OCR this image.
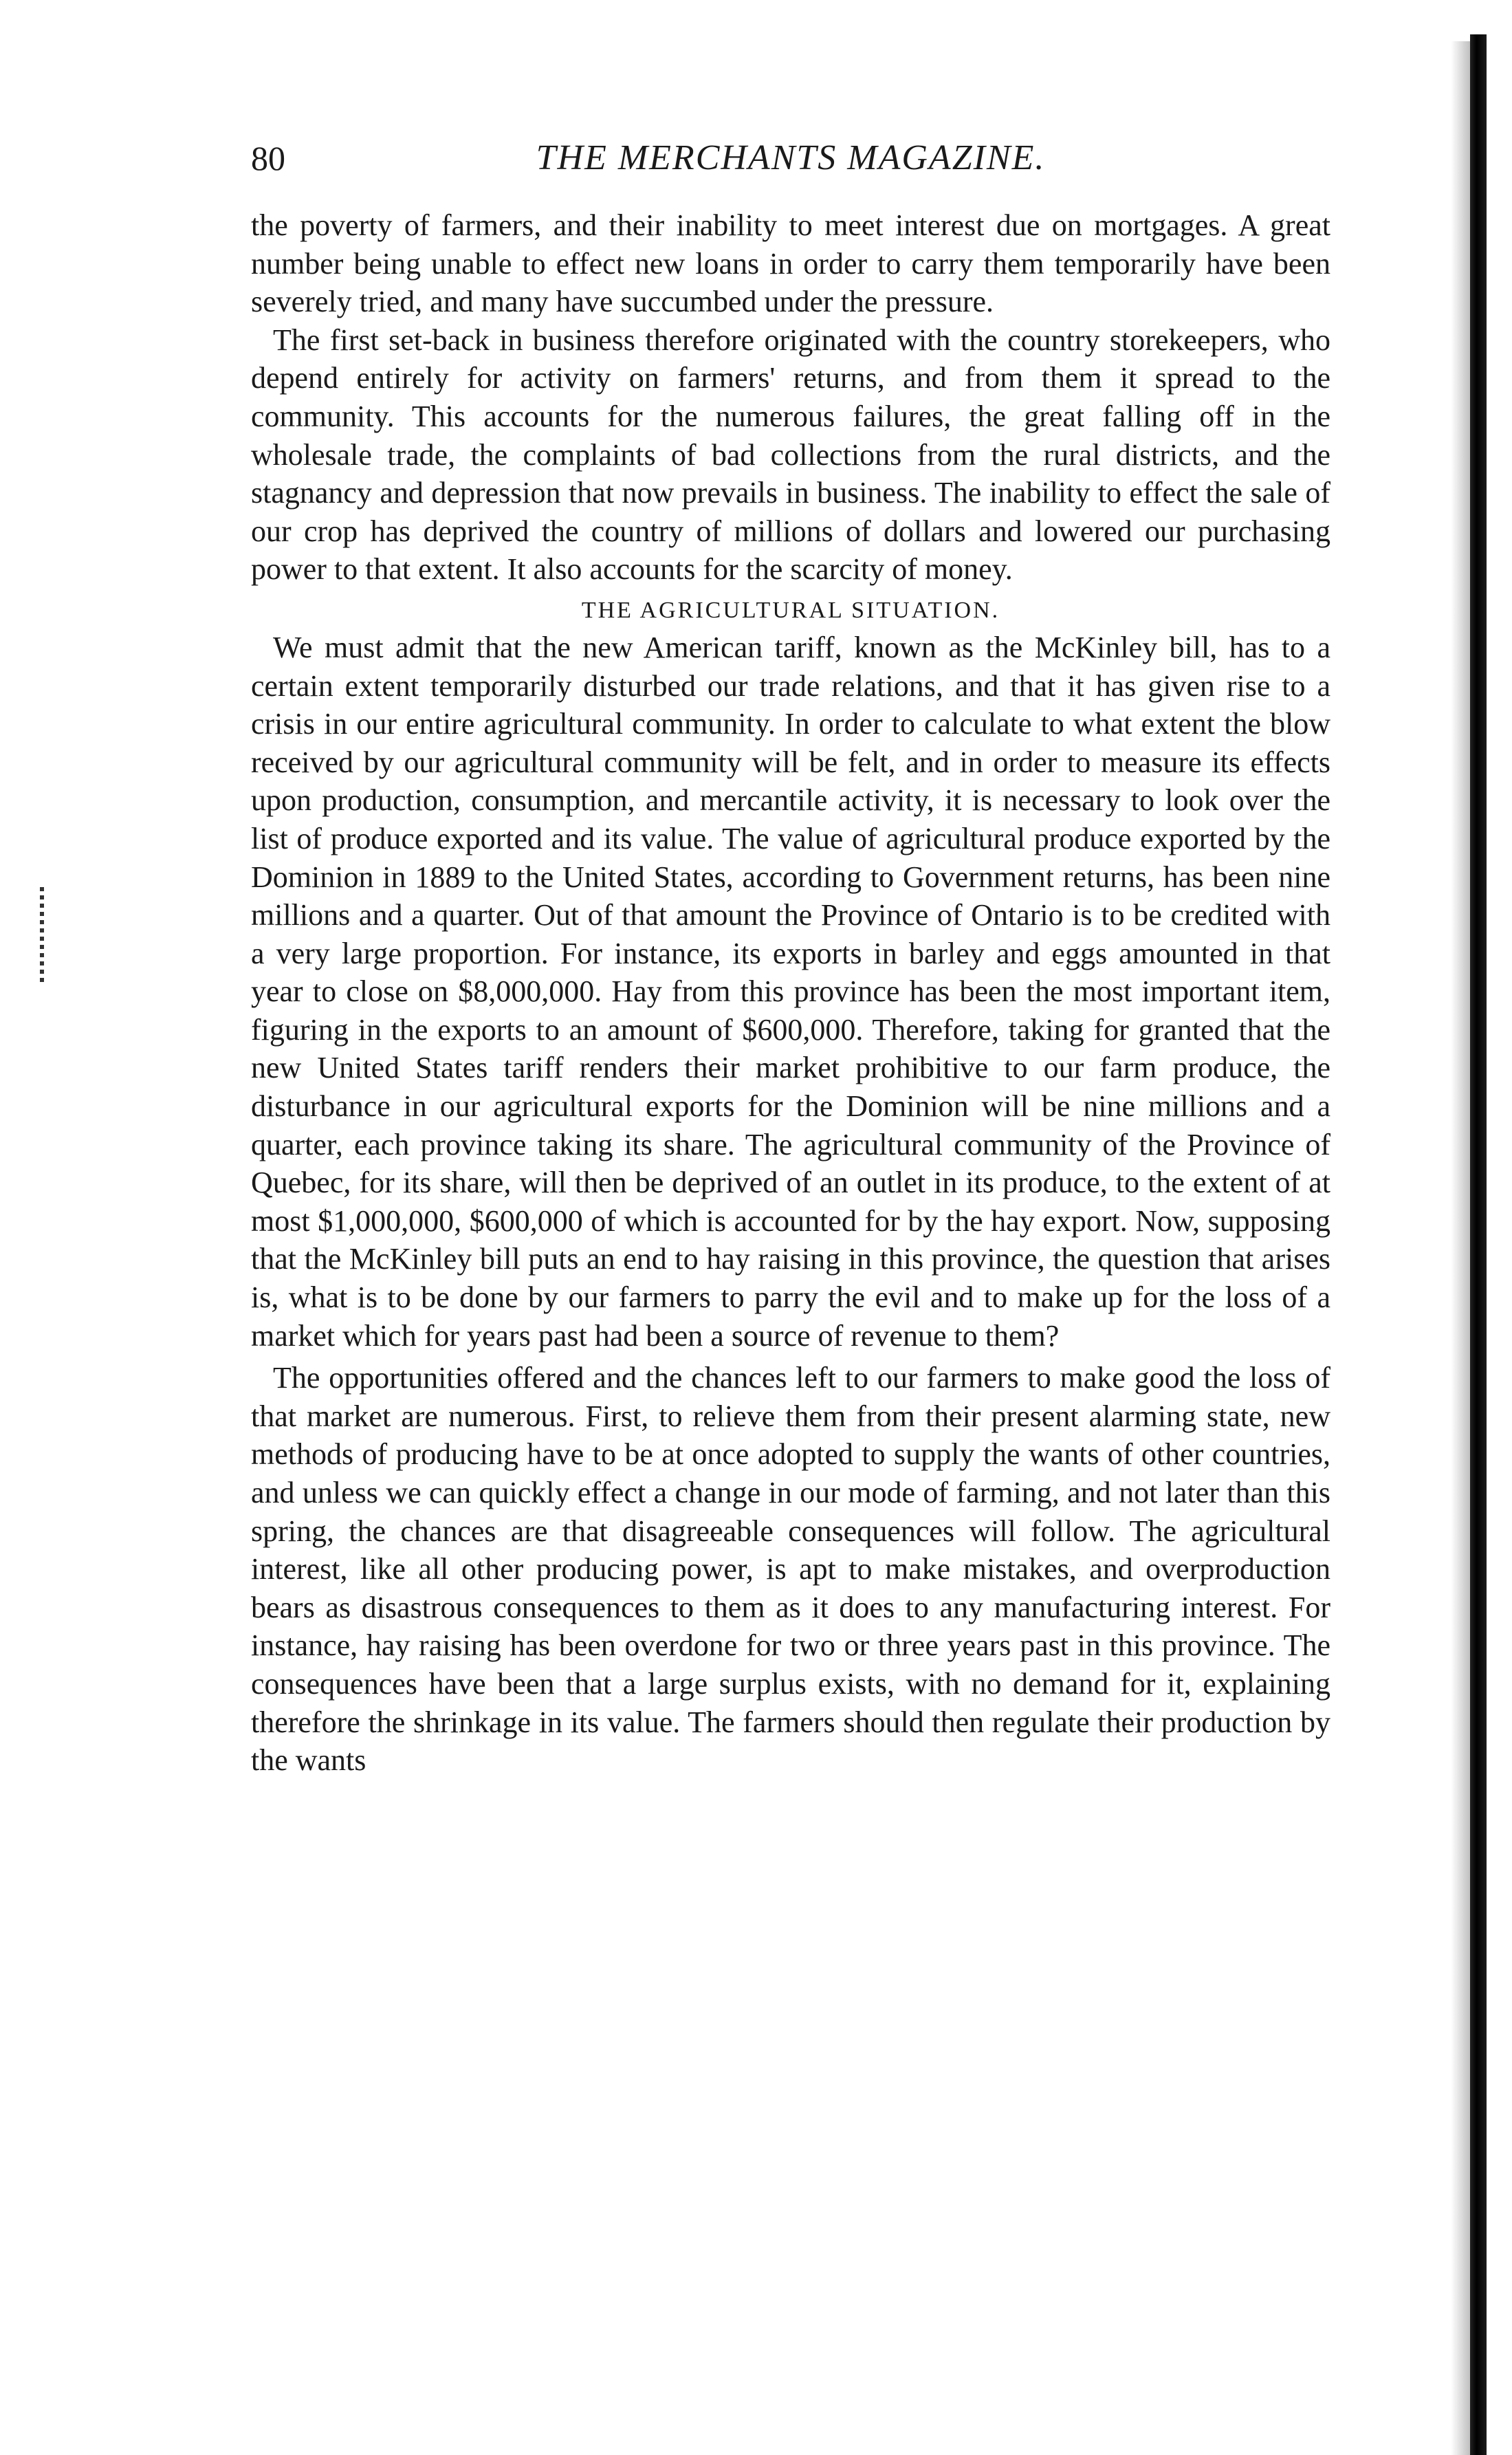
80	THE MERCHANTS MAGAZINE.

the poverty of farmers, and their inability to meet interest due on mortgages. A great number being unable to effect new loans in order to carry them temporarily have been severely tried, and many have succumbed under the pressure.

The first set-back in business therefore originated with the country storekeepers, who depend entirely for activity on farmers' returns, and from them it spread to the community. This accounts for the numerous failures, the great falling off in the wholesale trade, the complaints of bad collections from the rural districts, and the stagnancy and depression that now prevails in business. The inability to effect the sale of our crop has deprived the country of millions of dollars and lowered our purchasing power to that extent. It also accounts for the scarcity of money.

THE AGRICULTURAL SITUATION.

We must admit that the new American tariff, known as the McKinley bill, has to a certain extent temporarily disturbed our trade relations, and that it has given rise to a crisis in our entire agricultural community. In order to calculate to what extent the blow received by our agricultural community will be felt, and in order to measure its effects upon production, consumption, and mercantile activity, it is necessary to look over the list of produce exported and its value. The value of agricultural produce exported by the Dominion in 1889 to the United States, according to Government returns, has been nine millions and a quarter. Out of that amount the Province of Ontario is to be credited with a very large proportion. For instance, its exports in barley and eggs amounted in that year to close on $8,000,000. Hay from this province has been the most important item, figuring in the exports to an amount of $600,000. Therefore, taking for granted that the new United States tariff renders their market prohibitive to our farm produce, the disturbance in our agricultural exports for the Dominion will be nine millions and a quarter, each province taking its share. The agricultural community of the Province of Quebec, for its share, will then be deprived of an outlet in its produce, to the extent of at most $1,000,000, $600,000 of which is accounted for by the hay export. Now, supposing that the McKinley bill puts an end to hay raising in this province, the question that arises is, what is to be done by our farmers to parry the evil and to make up for the loss of a market which for years past had been a source of revenue to them?

The opportunities offered and the chances left to our farmers to make good the loss of that market are numerous. First, to relieve them from their present alarming state, new methods of producing have to be at once adopted to supply the wants of other countries, and unless we can quickly effect a change in our mode of farming, and not later than this spring, the chances are that disagreeable consequences will follow. The agricultural interest, like all other producing power, is apt to make mistakes, and overproduction bears as disastrous consequences to them as it does to any manufacturing interest. For instance, hay raising has been overdone for two or three years past in this province. The consequences have been that a large surplus exists, with no demand for it, explaining therefore the shrinkage in its value. The farmers should then regulate their production by the wants
